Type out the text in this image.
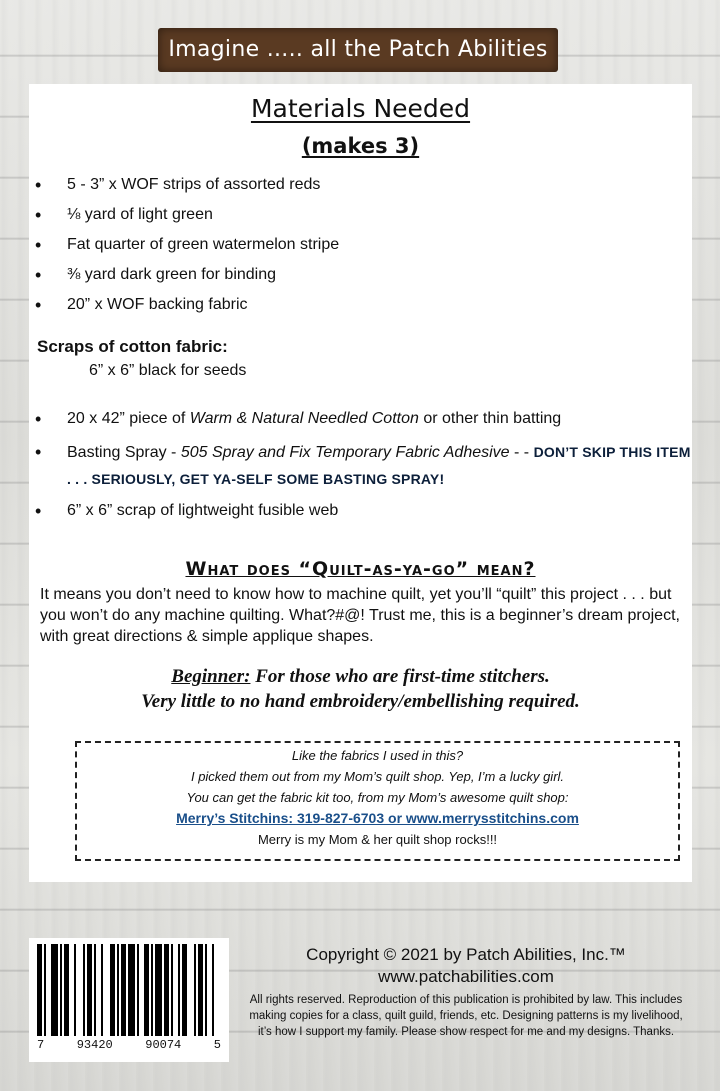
Imagine ..... all the Patch Abilities
Materials Needed
(makes 3)
• 5 - 3” x WOF strips of assorted reds
• ⅛ yard of light green
• Fat quarter of green watermelon stripe
• ⅜ yard dark green for binding
• 20” x WOF backing fabric
Scraps of cotton fabric:
6” x 6” black for seeds
• 20 x 42” piece of Warm & Natural Needled Cotton or other thin batting
• Basting Spray - 505 Spray and Fix Temporary Fabric Adhesive - - DON’T SKIP THIS ITEM . . . SERIOUSLY, GET YA-SELF SOME BASTING SPRAY!
• 6” x 6” scrap of lightweight fusible web
What does “Quilt-as-ya-go” mean?
It means you don’t need to know how to machine quilt, yet you’ll “quilt” this project . . . but you won’t do any machine quilting. What?#@! Trust me, this is a beginner’s dream project, with great directions & simple applique shapes.
Beginner: For those who are first-time stitchers.
Very little to no hand embroidery/embellishing required.
Like the fabrics I used in this?
I picked them out from my Mom’s quilt shop. Yep, I’m a lucky girl.
You can get the fabric kit too, from my Mom’s awesome quilt shop:
Merry’s Stitchins: 319-827-6703 or www.merrysstitchins.com
Merry is my Mom & her quilt shop rocks!!!
7	93420	90074	5
Copyright © 2021 by Patch Abilities, Inc.™
www.patchabilities.com
All rights reserved. Reproduction of this publication is prohibited by law. This includes making copies for a class, quilt guild, friends, etc. Designing patterns is my livelihood, it’s how I support my family. Please show respect for me and my designs. Thanks.
